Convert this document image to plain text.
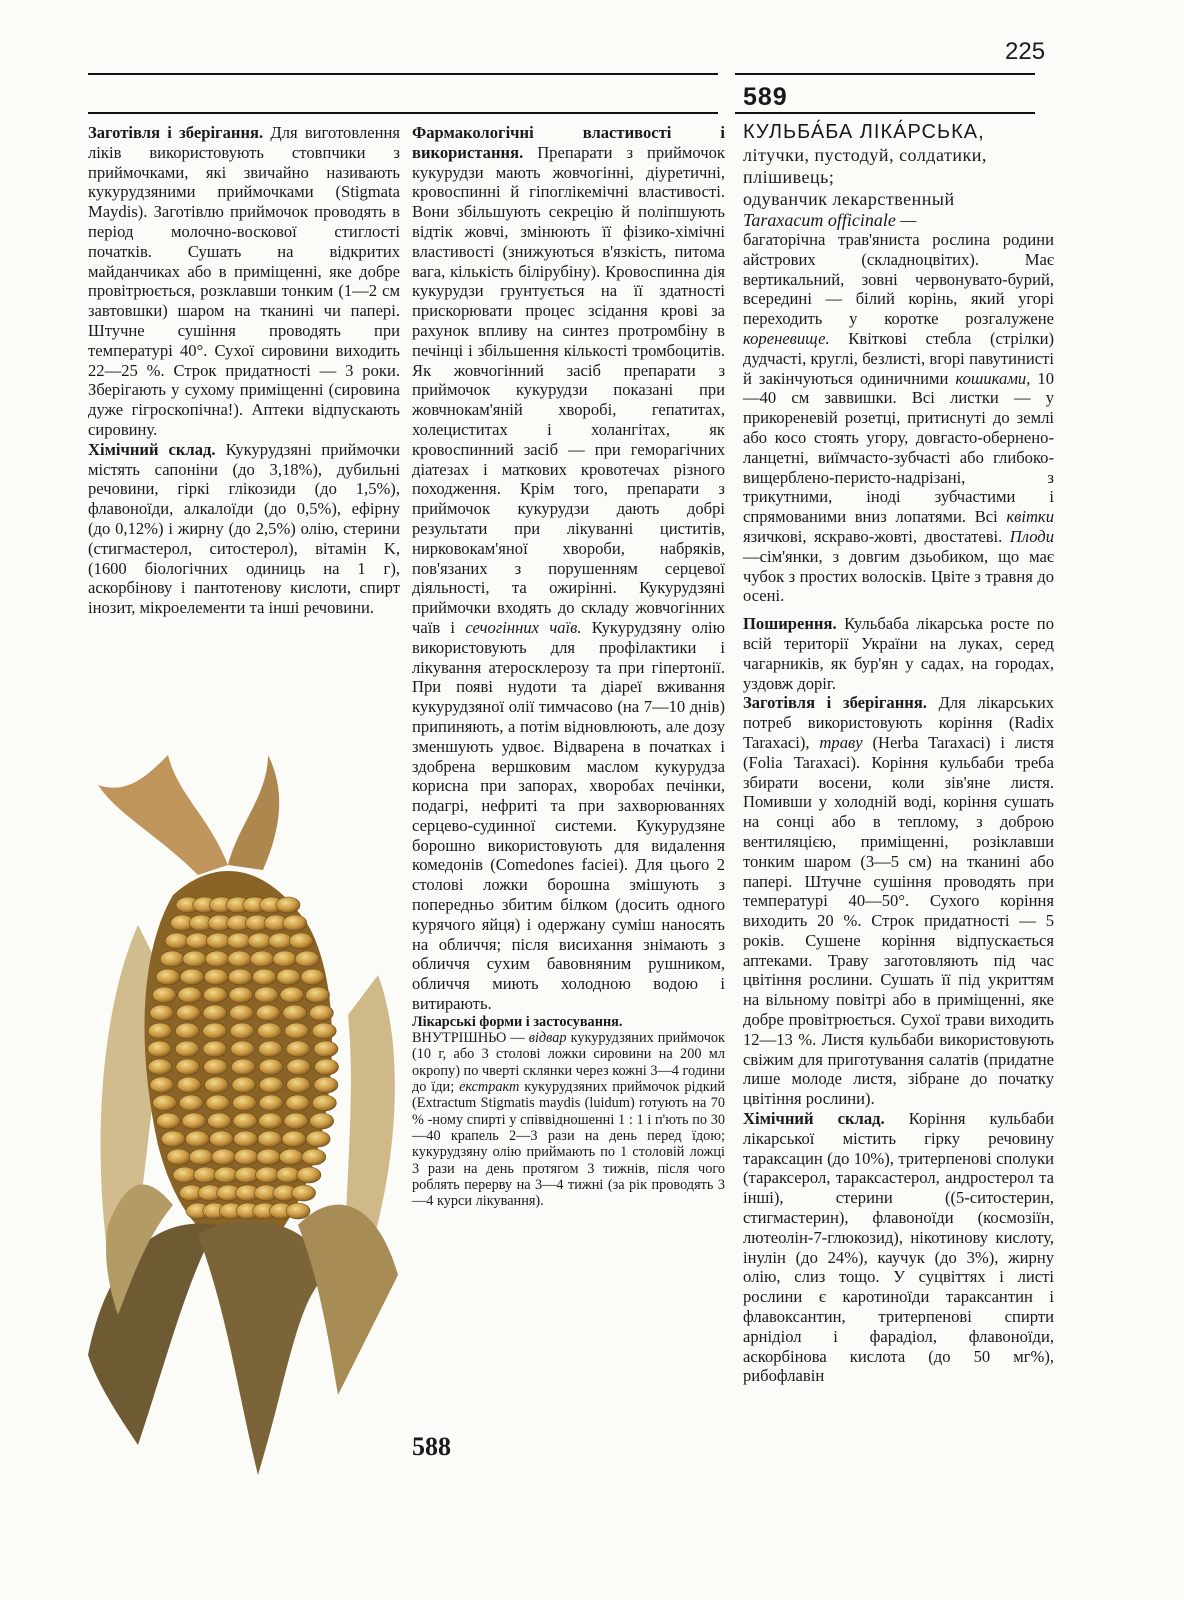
225
589

Заготівля і зберігання. Для виготовлення ліків використовують стовпчики з приймочками, які звичайно називають кукурудзяними приймочками (Stigmata Maydis). Заготівлю приймочок проводять в період молочно-воскової стиглості початків. Сушать на відкритих майданчиках або в приміщенні, яке добре провітрюється, розклавши тонким (1—2 см завтовшки) шаром на тканині чи папері. Штучне сушіння проводять при температурі 40°. Сухої сировини виходить 22—25 %. Строк придатності — 3 роки. Зберігають у сухому приміщенні (сировина дуже гігроскопічна!). Аптеки відпускають сировину.

Хімічний склад. Кукурудзяні приймочки містять сапоніни (до 3,18%), дубильні речовини, гіркі глікозиди (до 1,5%), флавоноїди, алкалоїди (до 0,5%), ефірну (до 0,12%) і жирну (до 2,5%) олію, стерини (стигмастерол, ситостерол), вітамін K, (1600 біологічних одиниць на 1 г), аскорбінову і пантотенову кислоти, спирт інозит, мікроелементи та інші речовини.

Фармакологічні властивості і використання. Препарати з приймочок кукурудзи мають жовчогінні, діуретичні, кровоспинні й гіпоглікемічні властивості. Вони збільшують секрецію й поліпшують відтік жовчі, змінюють її фізико-хімічні властивості (знижуються в'язкість, питома вага, кількість білірубіну). Кровоспинна дія кукурудзи грунтується на її здатності прискорювати процес зсідання крові за рахунок впливу на синтез протромбіну в печінці і збільшення кількості тромбоцитів. Як жовчогінний засіб препарати з приймочок кукурудзи показані при жовчнокам'яній хворобі, гепатитах, холециститах і холангітах, як кровоспинний засіб — при геморагічних діатезах і маткових кровотечах різного походження. Крім того, препарати з приймочок кукурудзи дають добрі результати при лікуванні циститів, нирковокам'яної хвороби, набряків, пов'язаних з порушенням серцевої діяльності, та ожирінні. Кукурудзяні приймочки входять до складу жовчогінних чаїв і сечогінних чаїв. Кукурудзяну олію використовують для профілактики і лікування атеросклерозу та при гіпертонії. При появі нудоти та діареї вживання кукурудзяної олії тимчасово (на 7—10 днів) припиняють, а потім відновлюють, але дозу зменшують удвоє. Відварена в початках і здобрена вершковим маслом кукурудза корисна при запорах, хворобах печінки, подагрі, нефриті та при захворюваннях серцево-судинної системи. Кукурудзяне борошно використовують для видалення комедонів (Comedones faciei). Для цього 2 столові ложки борошна змішують з попередньо збитим білком (досить одного курячого яйця) і одержану суміш наносять на обличчя; після висихання знімають з обличчя сухим бавовняним рушником, обличчя миють холодною водою і витирають.

Лікарські форми і застосування.
ВНУТРІШНЬО — відвар кукурудзяних приймочок (10 г, або 3 столові ложки сировини на 200 мл окропу) по чверті склянки через кожні 3—4 години до їди; екстракт кукурудзяних приймочок рідкий (Extractum Stigmatis maydis (luidum) готують на 70 % -ному спирті у співвідношенні 1 : 1 і п'ють по 30—40 крапель 2—3 рази на день перед їдою; кукурудзяну олію приймають по 1 столовій ложці 3 рази на день протягом 3 тижнів, після чого роблять перерву на 3—4 тижні (за рік проводять 3—4 курси лікування).

КУЛЬБА́БА ЛІКА́РСЬКА,
літучки, пустодуй, солдатики, плішивець;
одуванчик лекарственный
Taraxacum officinale —

багаторічна трав'яниста рослина родини айстрових (складноцвітих). Має вертикальний, зовні червонувато-бурий, всередині — білий корінь, який угорі переходить у коротке розгалужене кореневище. Квіткові стебла (стрілки) дудчасті, круглі, безлисті, вгорі павутинисті й закінчуються одиничними кошиками, 10—40 см заввишки. Всі листки — у прикореневій розетці, притиснуті до землі або косо стоять угору, довгасто-обернено-ланцетні, виїмчасто-зубчасті або глибоко-вищерблено-перисто-надрізані, з трикутними, іноді зубчастими і спрямованими вниз лопатями. Всі квітки язичкові, яскраво-жовті, двостатеві. Плоди—сім'янки, з довгим дзьобиком, що має чубок з простих волосків. Цвіте з травня до осені.

Поширення. Кульбаба лікарська росте по всій території України на луках, серед чагарників, як бур'ян у садах, на городах, уздовж доріг.

Заготівля і зберігання. Для лікарських потреб використовують коріння (Radix Taraxaci), траву (Herba Taraxaci) і листя (Folia Taraxaci). Коріння кульбаби треба збирати восени, коли зів'яне листя. Помивши у холодній воді, коріння сушать на сонці або в теплому, з доброю вентиляцією, приміщенні, розіклавши тонким шаром (3—5 см) на тканині або папері. Штучне сушіння проводять при температурі 40—50°. Сухого коріння виходить 20 %. Строк придатності — 5 років. Сушене коріння відпускається аптеками. Траву заготовляють під час цвітіння рослини. Сушать її під укриттям на вільному повітрі або в приміщенні, яке добре провітрюється. Сухої трави виходить 12—13 %. Листя кульбаби використовують свіжим для приготування салатів (придатне лише молоде листя, зібране до початку цвітіння рослини).

Хімічний склад. Коріння кульбаби лікарської містить гірку речовину тараксацин (до 10%), тритерпенові сполуки (тараксерол, тараксастерол, андростерол та інші), стерини ((5-ситостерин, стигмастерин), флавоноїди (космозіїн, лютеолін-7-глюкозид), нікотинову кислоту, інулін (до 24%), каучук (до 3%), жирну олію, слиз тощо. У суцвіттях і листі рослини є каротиноїди тараксантин і флавоксантин, тритерпенові спирти арнідіол і фарадіол, флавоноїди, аскорбінова кислота (до 50 мг%), рибофлавін

588
